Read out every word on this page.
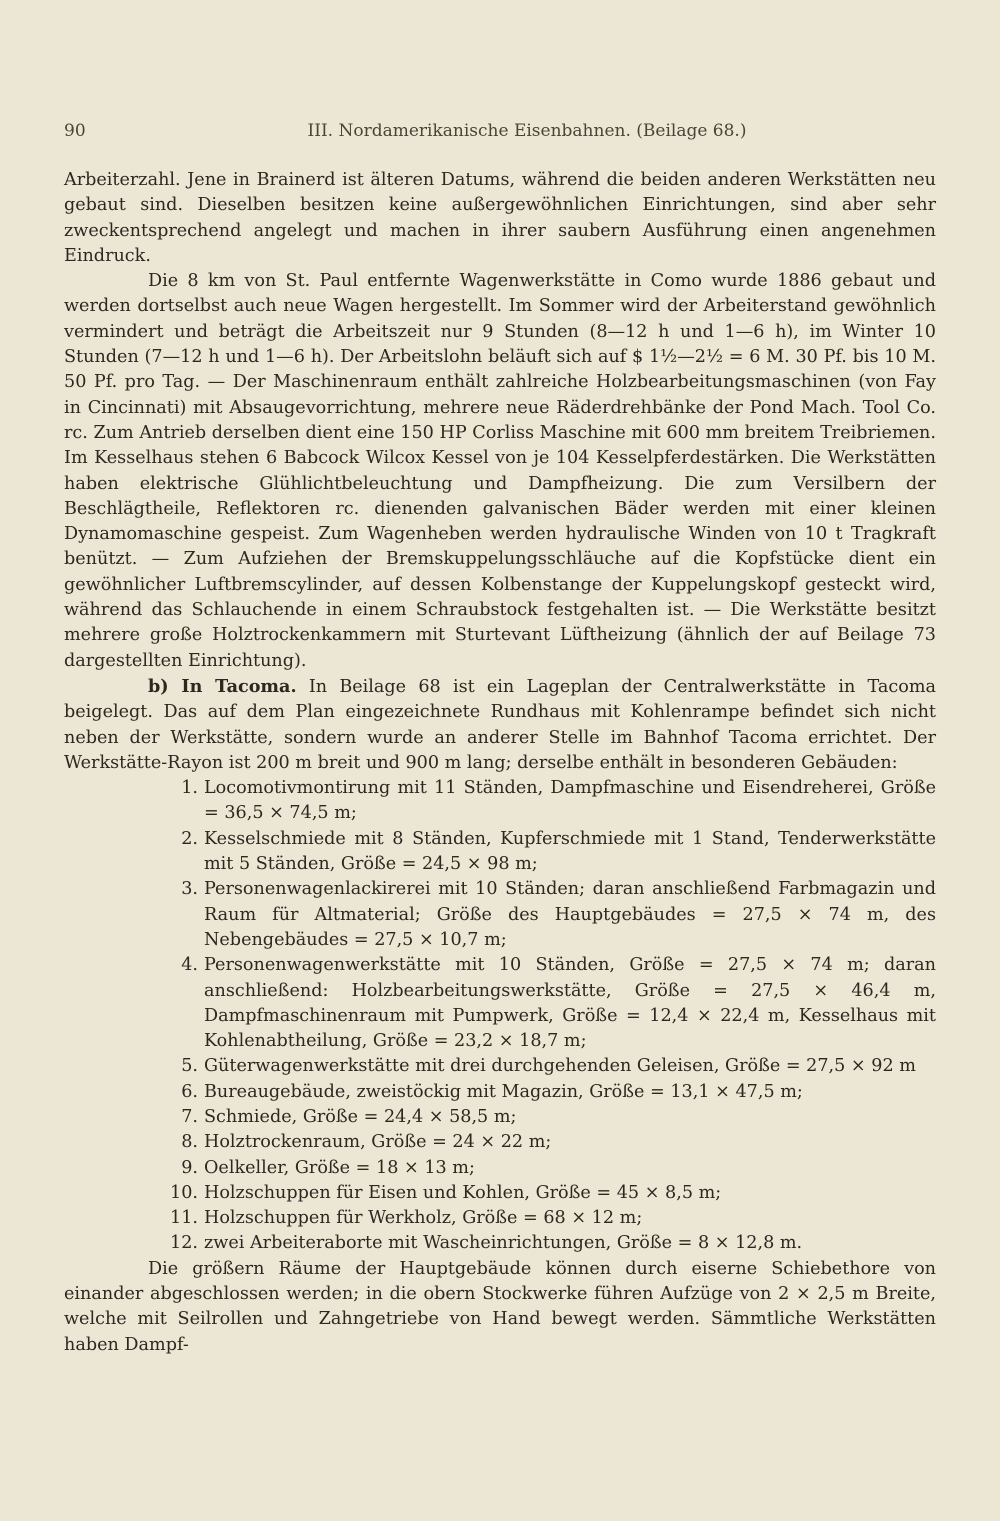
90	III. Nordamerikanische Eisenbahnen. (Beilage 68.)

Arbeiterzahl. Jene in Brainerd ist älteren Datums, während die beiden anderen Werkstätten neu gebaut sind. Dieselben besitzen keine außergewöhnlichen Einrichtungen, sind aber sehr zweckentsprechend angelegt und machen in ihrer saubern Ausführung einen angenehmen Eindruck.

Die 8 km von St. Paul entfernte Wagenwerkstätte in Como wurde 1886 gebaut und werden dortselbst auch neue Wagen hergestellt. Im Sommer wird der Arbeiterstand gewöhnlich vermindert und beträgt die Arbeitszeit nur 9 Stunden (8—12 h und 1—6 h), im Winter 10 Stunden (7—12 h und 1—6 h). Der Arbeitslohn beläuft sich auf $ 1½—2½ = 6 M. 30 Pf. bis 10 M. 50 Pf. pro Tag. — Der Maschinenraum enthält zahlreiche Holzbearbeitungsmaschinen (von Fay in Cincinnati) mit Absaugevorrichtung, mehrere neue Räderdrehbänke der Pond Mach. Tool Co. rc. Zum Antrieb derselben dient eine 150 HP Corliss Maschine mit 600 mm breitem Treibriemen. Im Kesselhaus stehen 6 Babcock Wilcox Kessel von je 104 Kesselpferdestärken. Die Werkstätten haben elektrische Glühlichtbeleuchtung und Dampfheizung. Die zum Versilbern der Beschlägtheile, Reflektoren rc. dienenden galvanischen Bäder werden mit einer kleinen Dynamomaschine gespeist. Zum Wagenheben werden hydraulische Winden von 10 t Tragkraft benützt. — Zum Aufziehen der Bremskuppelungsschläuche auf die Kopfstücke dient ein gewöhnlicher Luftbremscylinder, auf dessen Kolbenstange der Kuppelungskopf gesteckt wird, während das Schlauchende in einem Schraubstock festgehalten ist. — Die Werkstätte besitzt mehrere große Holztrockenkammern mit Sturtevant Lüftheizung (ähnlich der auf Beilage 73 dargestellten Einrichtung).

b) In Tacoma. In Beilage 68 ist ein Lageplan der Centralwerkstätte in Tacoma beigelegt. Das auf dem Plan eingezeichnete Rundhaus mit Kohlenrampe befindet sich nicht neben der Werkstätte, sondern wurde an anderer Stelle im Bahnhof Tacoma errichtet. Der Werkstätte-Rayon ist 200 m breit und 900 m lang; derselbe enthält in besonderen Gebäuden:

1. Locomotivmontirung mit 11 Ständen, Dampfmaschine und Eisendreherei, Größe = 36,5 × 74,5 m;
2. Kesselschmiede mit 8 Ständen, Kupferschmiede mit 1 Stand, Tenderwerkstätte mit 5 Ständen, Größe = 24,5 × 98 m;
3. Personenwagenlackirerei mit 10 Ständen; daran anschließend Farbmagazin und Raum für Altmaterial; Größe des Hauptgebäudes = 27,5 × 74 m, des Nebengebäudes = 27,5 × 10,7 m;
4. Personenwagenwerkstätte mit 10 Ständen, Größe = 27,5 × 74 m; daran anschließend: Holzbearbeitungswerkstätte, Größe = 27,5 × 46,4 m, Dampfmaschinenraum mit Pumpwerk, Größe = 12,4 × 22,4 m, Kesselhaus mit Kohlenabtheilung, Größe = 23,2 × 18,7 m;
5. Güterwagenwerkstätte mit drei durchgehenden Geleisen, Größe = 27,5 × 92 m
6. Bureaugebäude, zweistöckig mit Magazin, Größe = 13,1 × 47,5 m;
7. Schmiede, Größe = 24,4 × 58,5 m;
8. Holztrockenraum, Größe = 24 × 22 m;
9. Oelkeller, Größe = 18 × 13 m;
10. Holzschuppen für Eisen und Kohlen, Größe = 45 × 8,5 m;
11. Holzschuppen für Werkholz, Größe = 68 × 12 m;
12. zwei Arbeiteraborte mit Wascheinrichtungen, Größe = 8 × 12,8 m.

Die größern Räume der Hauptgebäude können durch eiserne Schiebethore von einander abgeschlossen werden; in die obern Stockwerke führen Aufzüge von 2 × 2,5 m Breite, welche mit Seilrollen und Zahngetriebe von Hand bewegt werden. Sämmtliche Werkstätten haben Dampf-
